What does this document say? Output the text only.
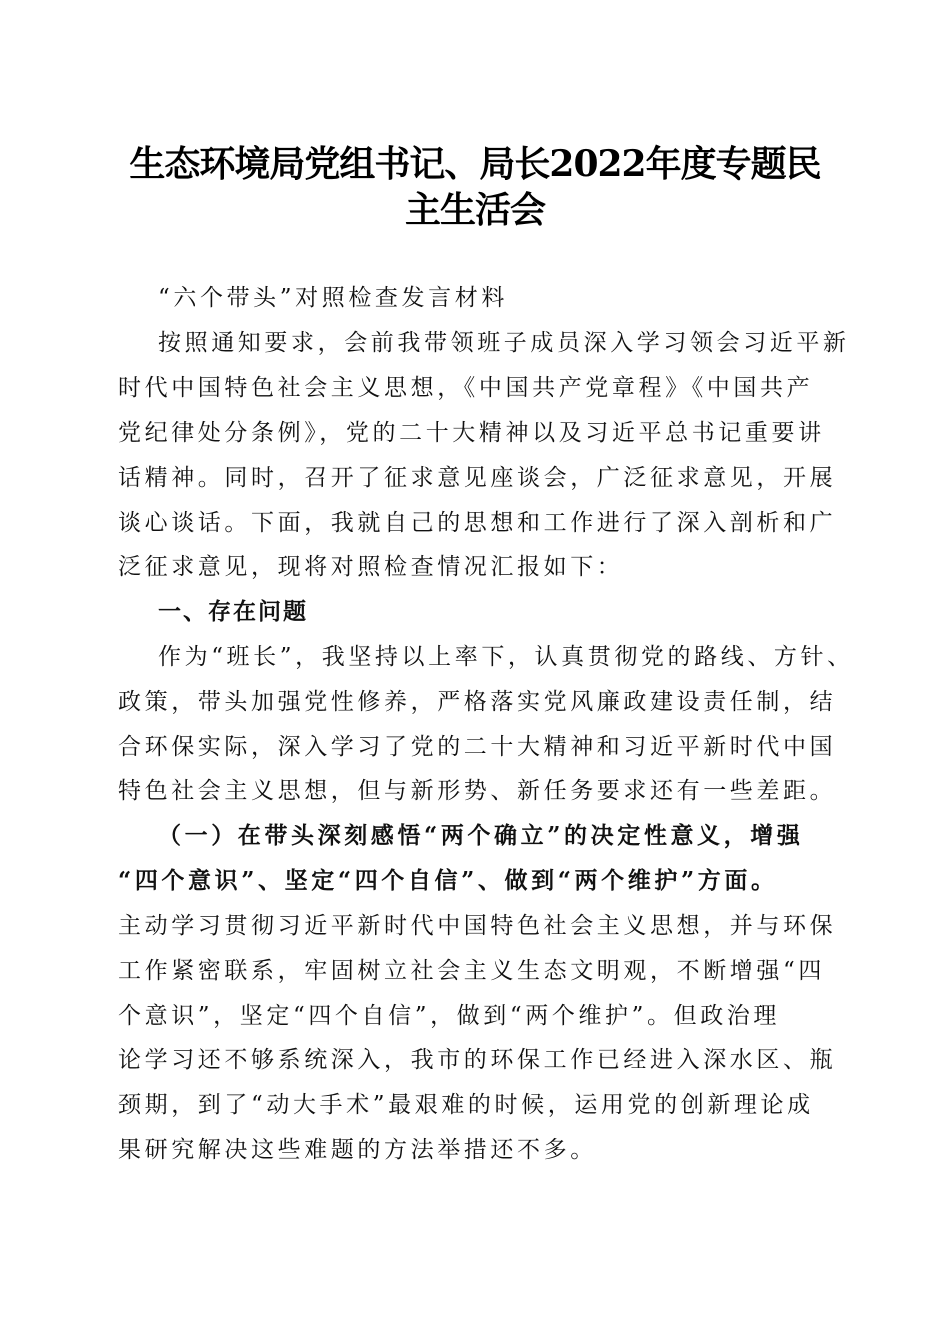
生态环境局党组书记、局长2022年度专题民
主生活会
“六个带头”对照检查发言材料
按照通知要求，会前我带领班子成员深入学习领会习近平新
时代中国特色社会主义思想，《中国共产党章程》《中国共产
党纪律处分条例》，党的二十大精神以及习近平总书记重要讲
话精神。同时，召开了征求意见座谈会，广泛征求意见，开展
谈心谈话。下面，我就自己的思想和工作进行了深入剖析和广
泛征求意见，现将对照检查情况汇报如下：
一、存在问题
作为“班长”，我坚持以上率下，认真贯彻党的路线、方针、
政策，带头加强党性修养，严格落实党风廉政建设责任制，结
合环保实际，深入学习了党的二十大精神和习近平新时代中国
特色社会主义思想，但与新形势、新任务要求还有一些差距。
（一）在带头深刻感悟“两个确立”的决定性意义，增强
“四个意识”、坚定“四个自信”、做到“两个维护”方面。
主动学习贯彻习近平新时代中国特色社会主义思想，并与环保
工作紧密联系，牢固树立社会主义生态文明观，不断增强“四
个意识”，坚定“四个自信”，做到“两个维护”。但政治理
论学习还不够系统深入，我市的环保工作已经进入深水区、瓶
颈期，到了“动大手术”最艰难的时候，运用党的创新理论成
果研究解决这些难题的方法举措还不多。
